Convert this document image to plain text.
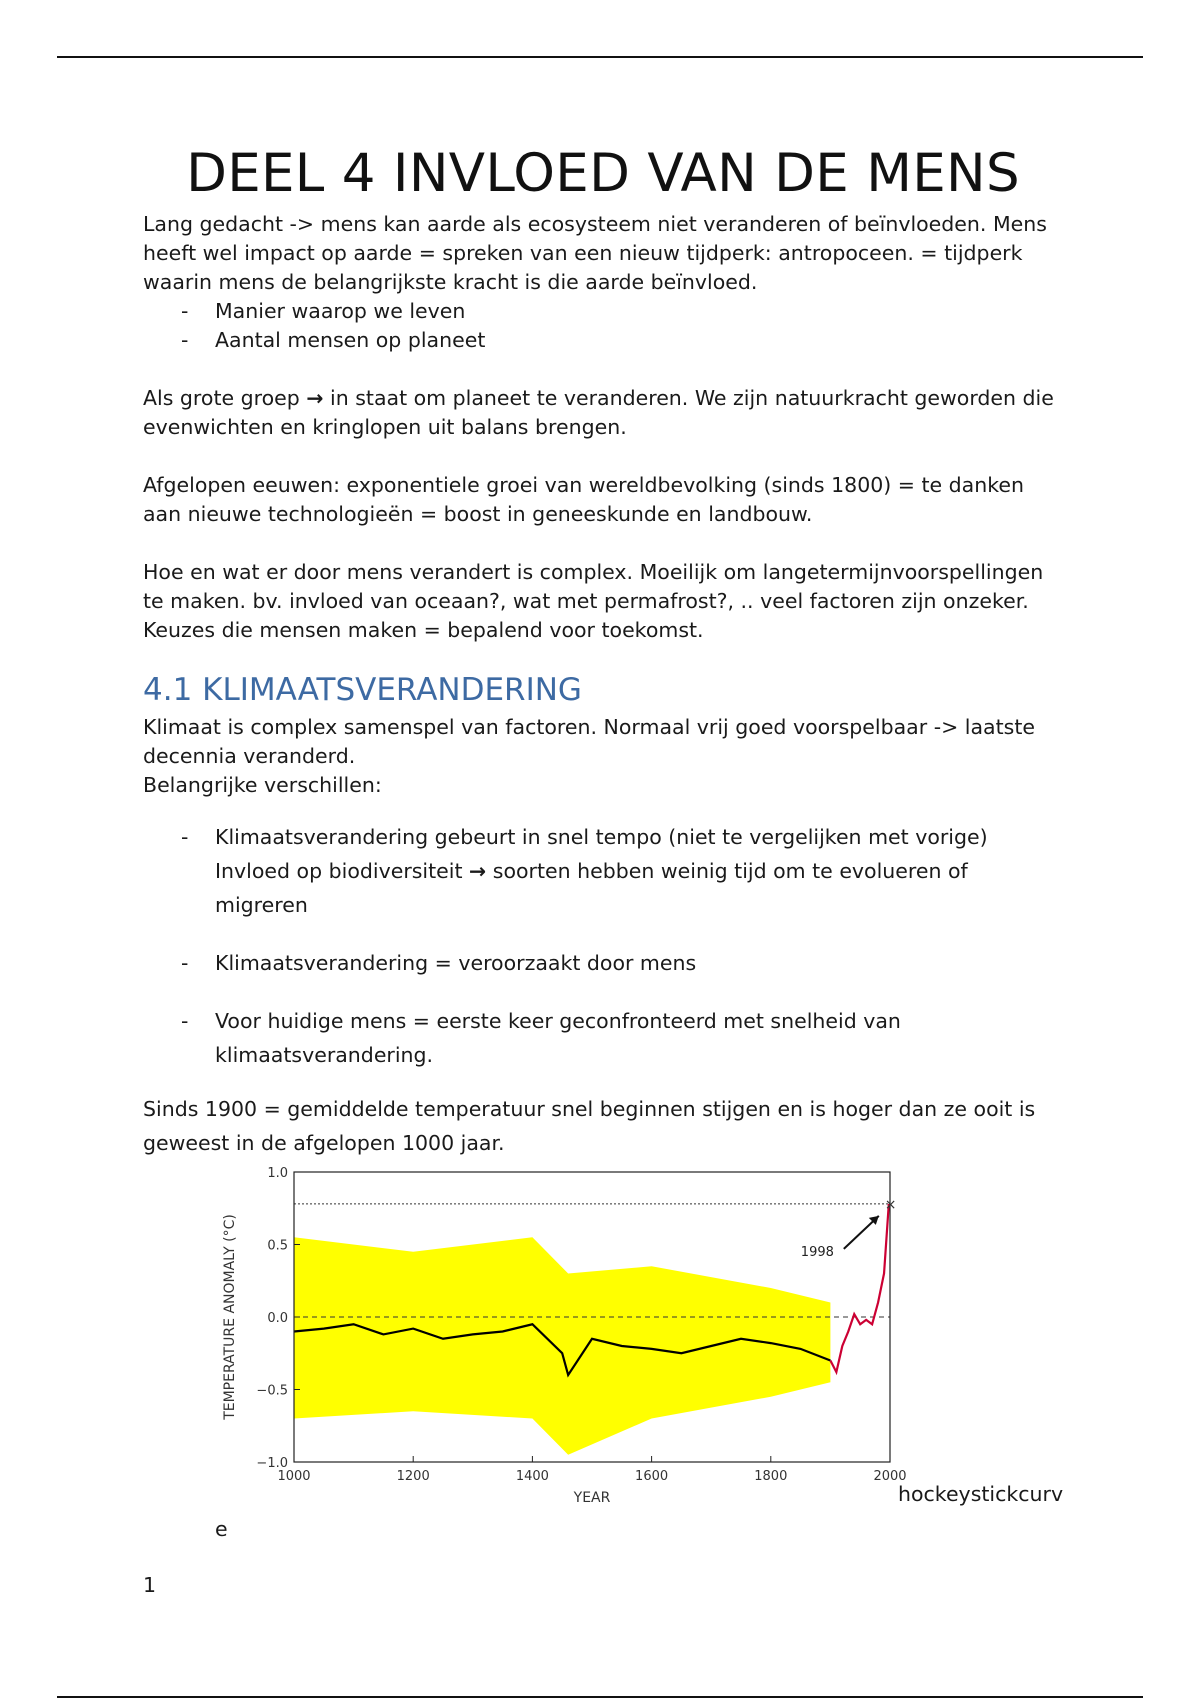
DEEL 4 INVLOED VAN DE MENS

Lang gedacht -> mens kan aarde als ecosysteem niet veranderen of beïnvloeden. Mens heeft wel impact op aarde = spreken van een nieuw tijdperk: antropoceen. = tijdperk waarin mens de belangrijkste kracht is die aarde beïnvloed.

- Manier waarop we leven
- Aantal mensen op planeet

Als grote groep → in staat om planeet te veranderen. We zijn natuurkracht geworden die evenwichten en kringlopen uit balans brengen.

Afgelopen eeuwen: exponentiele groei van wereldbevolking (sinds 1800) = te danken aan nieuwe technologieën = boost in geneeskunde en landbouw.

Hoe en wat er door mens verandert is complex. Moeilijk om langetermijnvoorspellingen te maken. bv. invloed van oceaan?, wat met permafrost?, .. veel factoren zijn onzeker. Keuzes die mensen maken = bepalend voor toekomst.

4.1 KLIMAATSVERANDERING

Klimaat is complex samenspel van factoren. Normaal vrij goed voorspelbaar -> laatste decennia veranderd.

Belangrijke verschillen:

- Klimaatsverandering gebeurt in snel tempo (niet te vergelijken met vorige)
Invloed op biodiversiteit → soorten hebben weinig tijd om te evolueren of migreren
- Klimaatsverandering = veroorzaakt door mens
- Voor huidige mens = eerste keer geconfronteerd met snelheid van klimaatsverandering.

Sinds 1900 = gemiddelde temperatuur snel beginnen stijgen en is hoger dan ze ooit is geweest in de afgelopen 1000 jaar.

1000	1200	1400	1600	1800	2000
1.0
0.5
0.0
−0.5
−1.0
YEAR
TEMPERATURE ANOMALY (°C)	1998
×
hockeystickcurv
e
1
